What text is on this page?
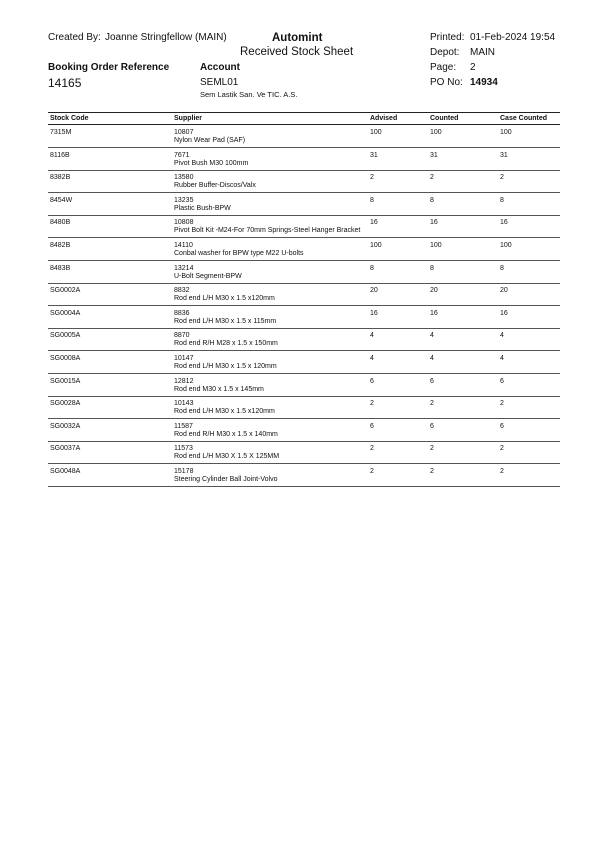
Created By: Joanne Stringfellow (MAIN)	Automint
Received Stock Sheet
Printed: 01-Feb-2024 19:54
Depot: MAIN
Booking Order Reference	Account	Page: 2
14165	SEML01	PO No: 14934
Sem Lastik San. Ve TIC. A.S.
Stock Code	Supplier	Advised	Counted	Case Counted
7315M	10807	100	100	100
Nylon Wear Pad (SAF)
8116B	7671	31	31	31
Pivot Bush M30 100mm
8382B	13580	2	2	2
Rubber Buffer-Discos/Valx
8454W	13235	8	8	8
Plastic Bush-BPW
8480B	10808	16	16	16
Pivot Bolt Kit -M24-For 70mm Springs-Steel Hanger Bracket
8482B	14110	100	100	100
Conbal washer for BPW type M22 U-bolts
8483B	13214	8	8	8
U-Bolt Segment-BPW
SG0002A	8832	20	20	20
Rod end L/H M30 x 1.5 x120mm
SG0004A	8836	16	16	16
Rod end L/H M30 x 1.5 x 115mm
SG0005A	8870	4	4	4
Rod end R/H M28 x 1.5 x 150mm
SG0008A	10147	4	4	4
Rod end L/H M30 x 1.5 x 120mm
SG0015A	12812	6	6	6
Rod end M30 x 1.5 x 145mm
SG0028A	10143	2	2	2
Rod end L/H M30 x 1.5 x120mm
SG0032A	11587	6	6	6
Rod end R/H M30 x 1.5 x 140mm
SG0037A	11573	2	2	2
Rod end L/H M30 X 1.5 X 125MM
SG0048A	15178	2	2	2
Steering Cylinder Ball Joint-Volvo
